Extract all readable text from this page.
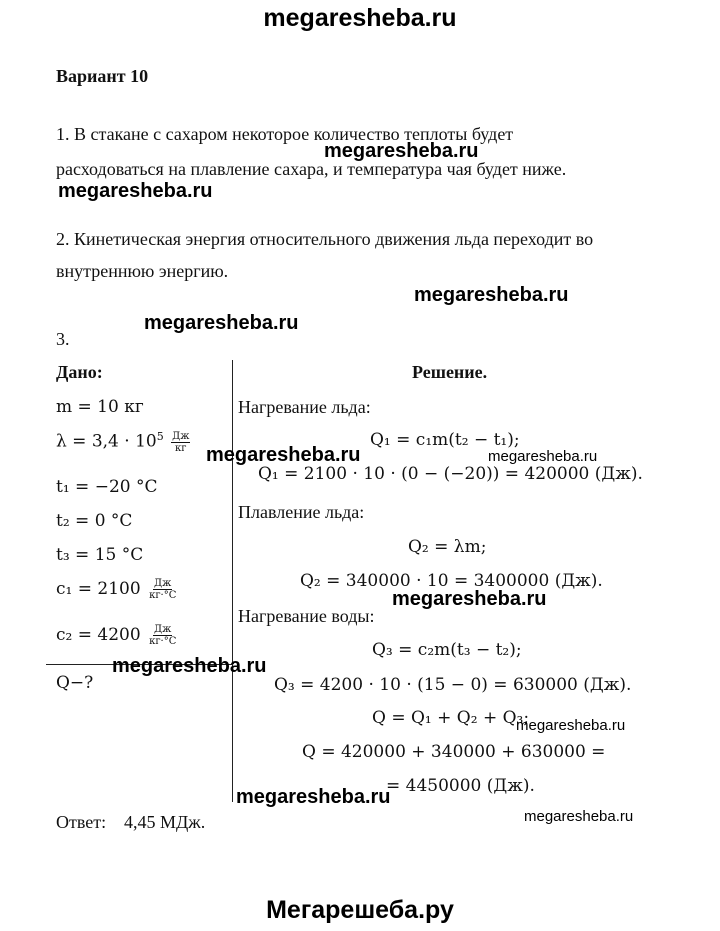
megaresheba.ru
Мегарешеба.ру
Вариант 10
1. В стакане с сахаром некоторое количество теплоты будет
расходоваться на плавление сахара, и температура чая будет ниже.
2. Кинетическая энергия относительного движения льда переходит во
внутреннюю энергию.
3.
Дано:
m = 10 кг
$\lambda = 3,4 \cdot 10^5 \frac{Дж}{кг}$
t₁ = −20 °C
t₂ = 0 °C
t₃ = 15 °C
$c_1 = 2100 \frac{Дж}{кг\cdot^\circ C}$
$c_2 = 4200 \frac{Дж}{кг\cdot^\circ C}$
Q−?
Решение.
Нагревание льда:
Q₁ = c₁m(t₂ − t₁);
Q₁ = 2100 · 10 · (0 − (−20)) = 420000 (Дж).
Плавление льда:
Q₂ = λm;
Q₂ = 340000 · 10 = 3400000 (Дж).
Нагревание воды:
Q₃ = c₂m(t₃ − t₂);
Q₃ = 4200 · 10 · (15 − 0) = 630000 (Дж).
Q = Q₁ + Q₂ + Q₃;
Q = 420000 + 340000 + 630000 =
= 4450000 (Дж).
Ответ: 4,45 МДж.
megaresheba.ru
megaresheba.ru
megaresheba.ru
megaresheba.ru
megaresheba.ru	megaresheba.ru
megaresheba.ru
megaresheba.ru
megaresheba.ru
megaresheba.ru
megaresheba.ru
